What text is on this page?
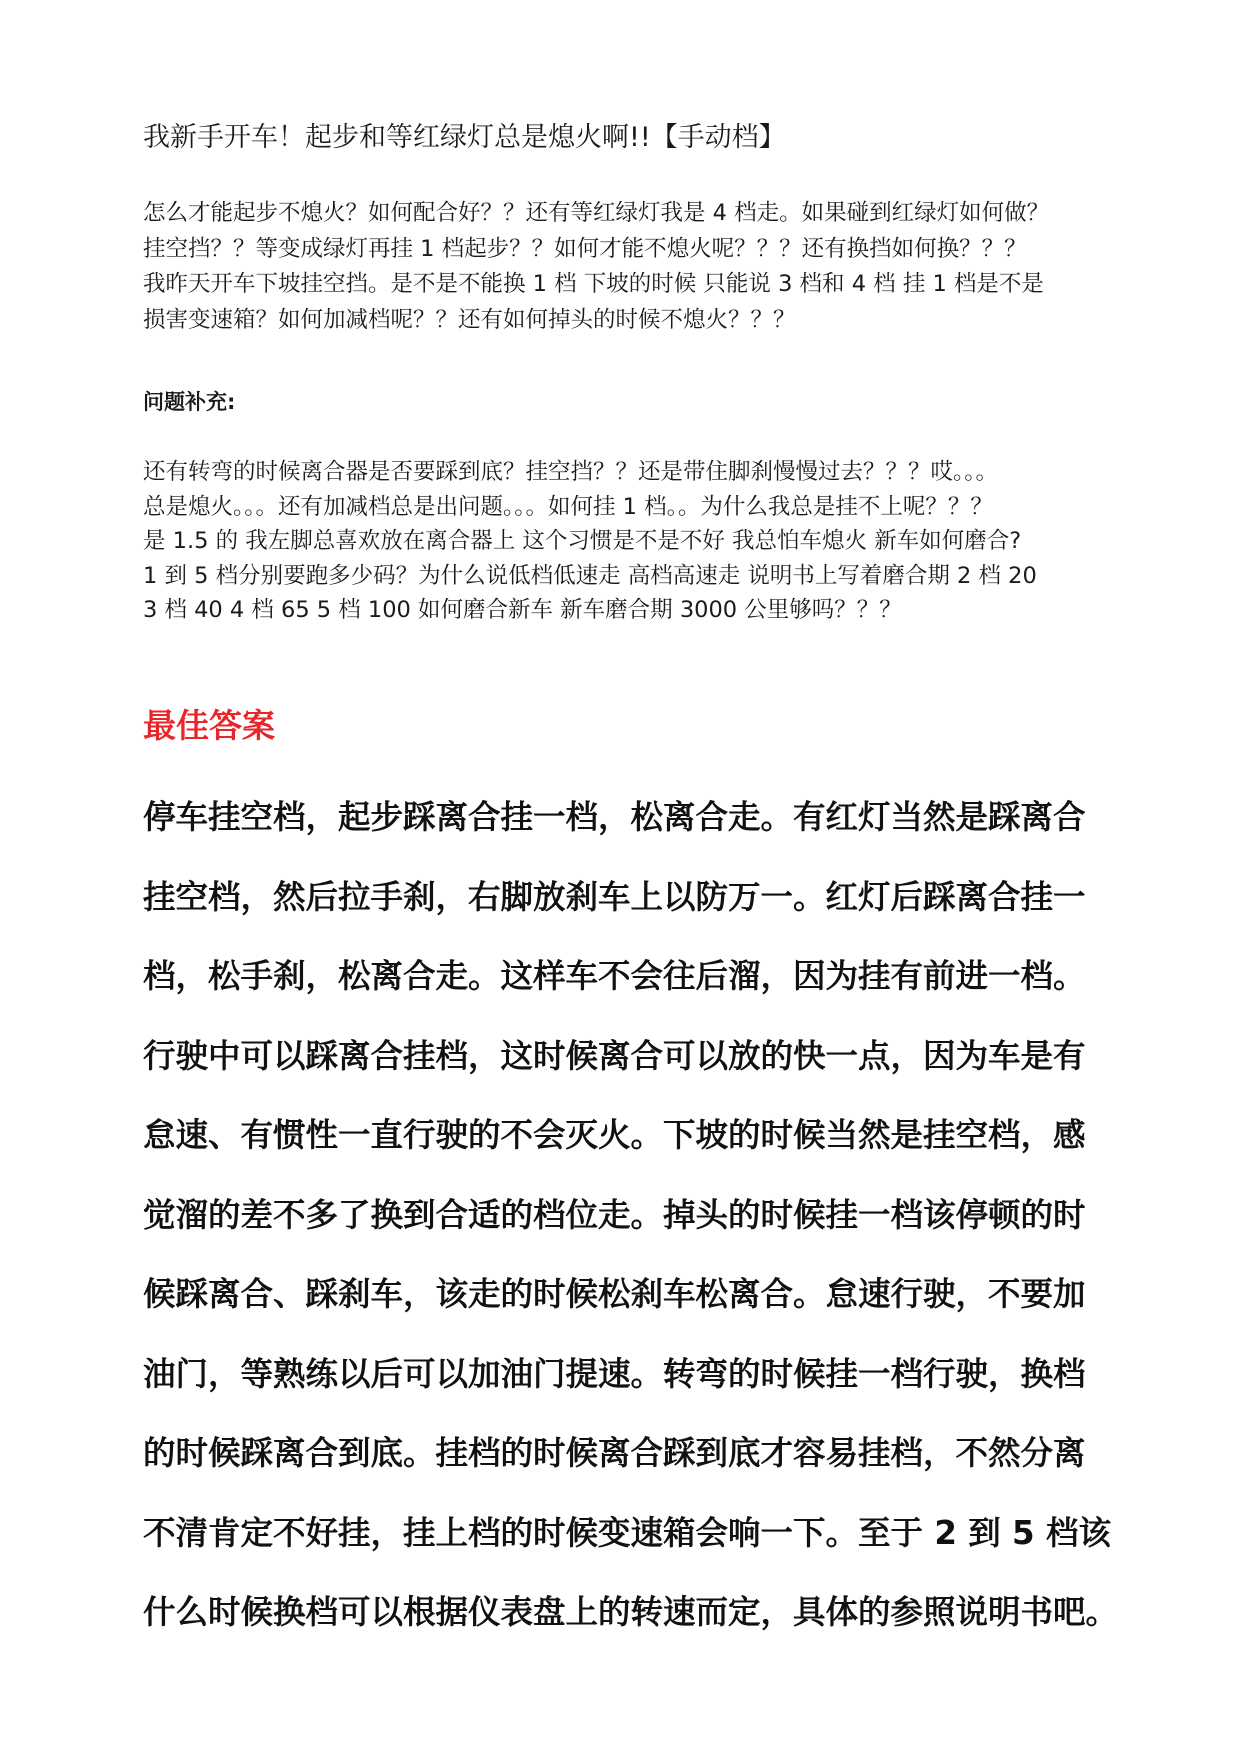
我新手开车！起步和等红绿灯总是熄火啊!!【手动档】
怎么才能起步不熄火？如何配合好？？还有等红绿灯我是 4 档走。如果碰到红绿灯如何做？
挂空挡？？等变成绿灯再挂 1 档起步？？如何才能不熄火呢？？？还有换挡如何换？？？
我昨天开车下坡挂空挡。是不是不能换 1 档 下坡的时候 只能说 3 档和 4 档 挂 1 档是不是
损害变速箱？如何加减档呢？？还有如何掉头的时候不熄火？？？
问题补充:
还有转弯的时候离合器是否要踩到底？挂空挡？？还是带住脚刹慢慢过去？？？哎。。。
总是熄火。。。还有加减档总是出问题。。。如何挂 1 档。。为什么我总是挂不上呢？？？
是 1.5 的 我左脚总喜欢放在离合器上 这个习惯是不是不好 我总怕车熄火 新车如何磨合?
1 到 5 档分别要跑多少码？为什么说低档低速走 高档高速走 说明书上写着磨合期 2 档 20
3 档 40 4 档 65 5 档 100 如何磨合新车 新车磨合期 3000 公里够吗？？？
最佳答案
停车挂空档，起步踩离合挂一档，松离合走。有红灯当然是踩离合
挂空档，然后拉手刹，右脚放刹车上以防万一。红灯后踩离合挂一
档，松手刹，松离合走。这样车不会往后溜，因为挂有前进一档。
行驶中可以踩离合挂档，这时候离合可以放的快一点，因为车是有
怠速、有惯性一直行驶的不会灭火。下坡的时候当然是挂空档，感
觉溜的差不多了换到合适的档位走。掉头的时候挂一档该停顿的时
候踩离合、踩刹车，该走的时候松刹车松离合。怠速行驶，不要加
油门，等熟练以后可以加油门提速。转弯的时候挂一档行驶，换档
的时候踩离合到底。挂档的时候离合踩到底才容易挂档，不然分离
不清肯定不好挂，挂上档的时候变速箱会响一下。至于 2 到 5 档该
什么时候换档可以根据仪表盘上的转速而定，具体的参照说明书吧。
